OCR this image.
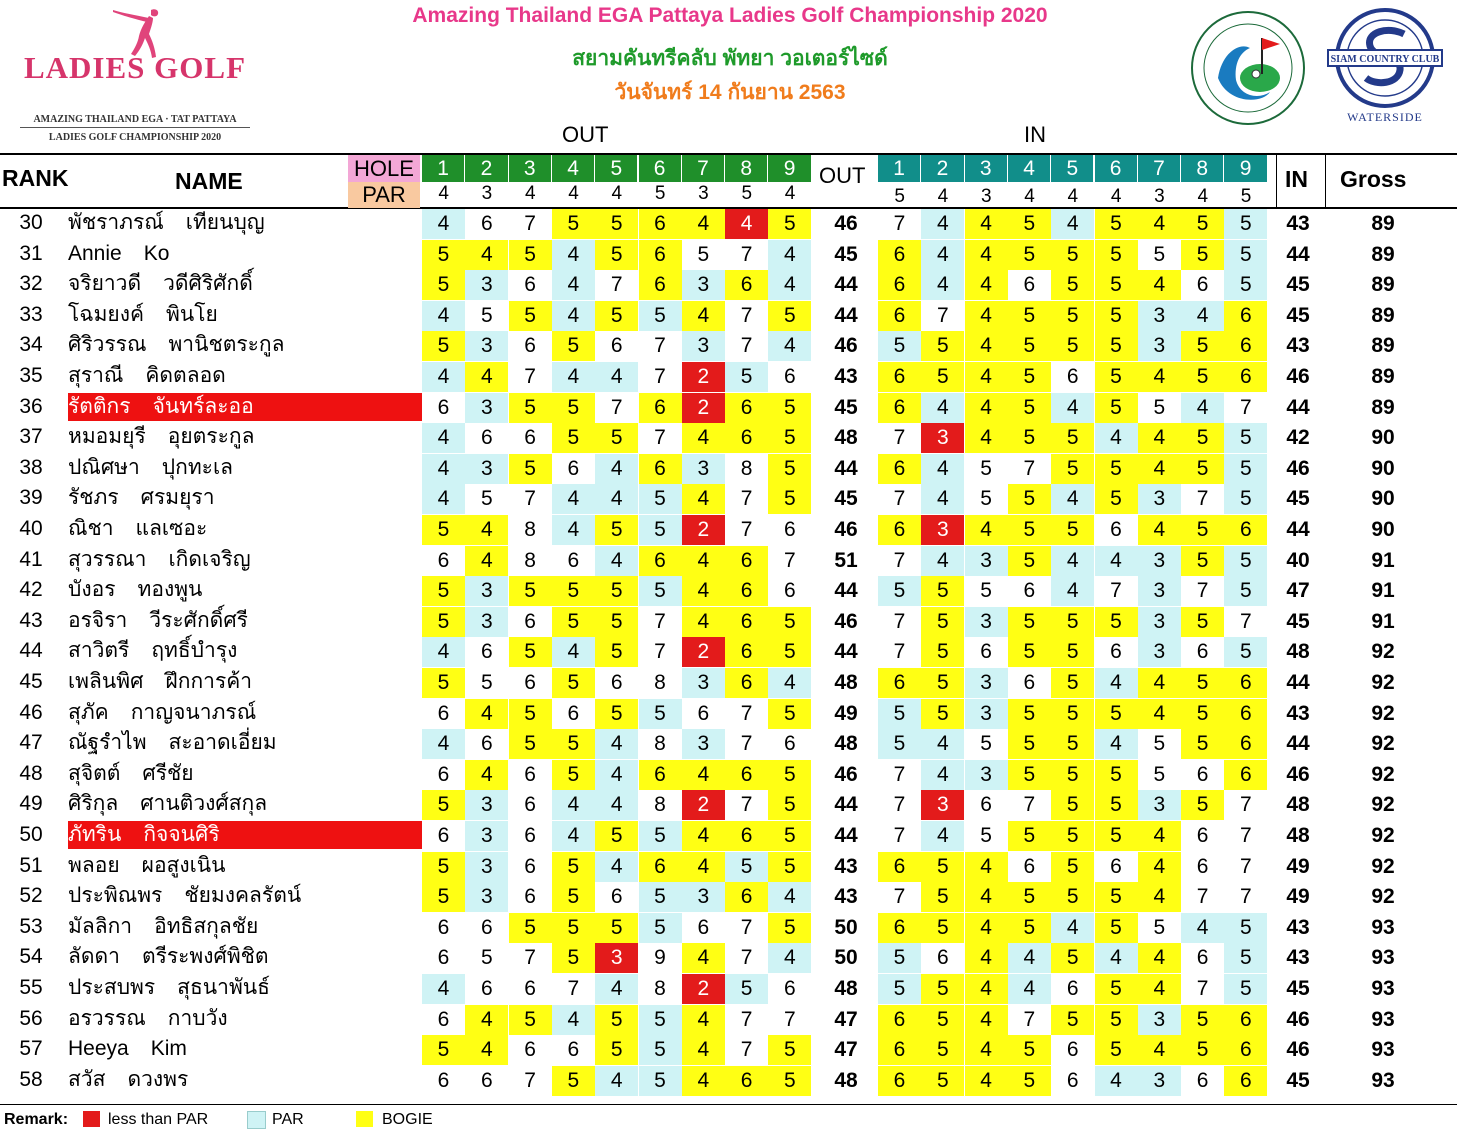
LADIES GOLF
AMAZING THAILAND EGA · TAT PATTAYA
LADIES GOLF CHAMPIONSHIP 2020
Amazing Thailand EGA Pattaya Ladies Golf Championship 2020
สยามคันทรีคลับ พัทยา วอเตอร์ไซด์
วันจันทร์ 14 กันยาน 2563
SIAM COUNTRY CLUB
WATERSIDE
OUT	IN
RANK	NAME	HOLE
PAR
OUT	IN Gross
1	2	3	4	5	6	7	8	9	1	2	3	4	5	6	7	8	9
4	3	4	4	4	5	3	5	4	5	4	3	4	4	4	3	4	5
30 พัชราภรณ์ เทียนบุญ	4	6	7	5	5	6	4	4	5	46	7	4	4	5	4	5	4	5	5	43	89
31 Annie Ko	5	4	5	4	5	6	5	7	4	45	6	4	4	5	5	5	5	5	5	44	89
32 จริยาวดี วดีศิริศักดิ์	5	3	6	4	7	6	3	6	4	44	6	4	4	6	5	5	4	6	5	45	89
33 โฉมยงค์ พินโย	4	5	5	4	5	5	4	7	5	44	6	7	4	5	5	5	3	4	6	45	89
34 ศิริวรรณ พานิชตระกูล	5	3	6	5	6	7	3	7	4	46	5	5	4	5	5	5	3	5	6	43	89
35 สุราณี คิดตลอด	4	4	7	4	4	7	2	5	6	43	6	5	4	5	6	5	4	5	6	46	89
36 รัตติกร จันทร์ละออ	6	3	5	5	7	6	2	6	5	45	6	4	4	5	4	5	5	4	7	44	89
37 หมอมยุรี อุยตระกูล	4	6	6	5	5	7	4	6	5	48	7	3	4	5	5	4	4	5	5	42	90
38 ปณิศษา ปุกทะเล	4	3	5	6	4	6	3	8	5	44	6	4	5	7	5	5	4	5	5	46	90
39 รัชภร ศรมยุรา	4	5	7	4	4	5	4	7	5	45	7	4	5	5	4	5	3	7	5	45	90
40 ณิชา แลเซอะ	5	4	8	4	5	5	2	7	6	46	6	3	4	5	5	6	4	5	6	44	90
41 สุวรรณา เกิดเจริญ	6	4	8	6	4	6	4	6	7	51	7	4	3	5	4	4	3	5	5	40	91
42 บังอร ทองพูน	5	3	5	5	5	5	4	6	6	44	5	5	5	6	4	7	3	7	5	47	91
43 อรจิรา วีระศักดิ์ศรี	5	3	6	5	5	7	4	6	5	46	7	5	3	5	5	5	3	5	7	45	91
44 สาวิตรี ฤทธิ์บำรุง	4	6	5	4	5	7	2	6	5	44	7	5	6	5	5	6	3	6	5	48	92
45 เพลินพิศ ฝึกการค้า	5	5	6	5	6	8	3	6	4	48	6	5	3	6	5	4	4	5	6	44	92
46 สุภัค กาญจนาภรณ์	6	4	5	6	5	5	6	7	5	49	5	5	3	5	5	5	4	5	6	43	92
47 ณัฐรำไพ สะอาดเอี่ยม	4	6	5	5	4	8	3	7	6	48	5	4	5	5	5	4	5	5	6	44	92
48 สุจิตต์ ศรีชัย	6	4	6	5	4	6	4	6	5	46	7	4	3	5	5	5	5	6	6	46	92
49 ศิริกุล ศานติวงศ์สกุล	5	3	6	4	4	8	2	7	5	44	7	3	6	7	5	5	3	5	7	48	92
50 ภัทริน กิจจนศิริ	6	3	6	4	5	5	4	6	5	44	7	4	5	5	5	5	4	6	7	48	92
51 พลอย ผอสูงเนิน	5	3	6	5	4	6	4	5	5	43	6	5	4	6	5	6	4	6	7	49	92
52 ประพิณพร ชัยมงคลรัตน์	5	3	6	5	6	5	3	6	4	43	7	5	4	5	5	5	4	7	7	49	92
53 มัลลิกา อิทธิสกุลชัย	6	6	5	5	5	5	6	7	5	50	6	5	4	5	4	5	5	4	5	43	93
54 ลัดดา ตรีระพงศ์พิชิต	6	5	7	5	3	9	4	7	4	50	5	6	4	4	5	4	4	6	5	43	93
55 ประสบพร สุธนาพันธ์	4	6	6	7	4	8	2	5	6	48	5	5	4	4	6	5	4	7	5	45	93
56 อรวรรณ กาบวัง	6	4	5	4	5	5	4	7	7	47	6	5	4	7	5	5	3	5	6	46	93
57 Heeya Kim	5	4	6	6	5	5	4	7	5	47	6	5	4	5	6	5	4	5	6	46	93
58 สวัส ดวงพร	6	6	7	5	4	5	4	6	5	48	6	5	4	5	6	4	3	6	6	45	93
Remark: less than PAR	PAR	BOGIE
